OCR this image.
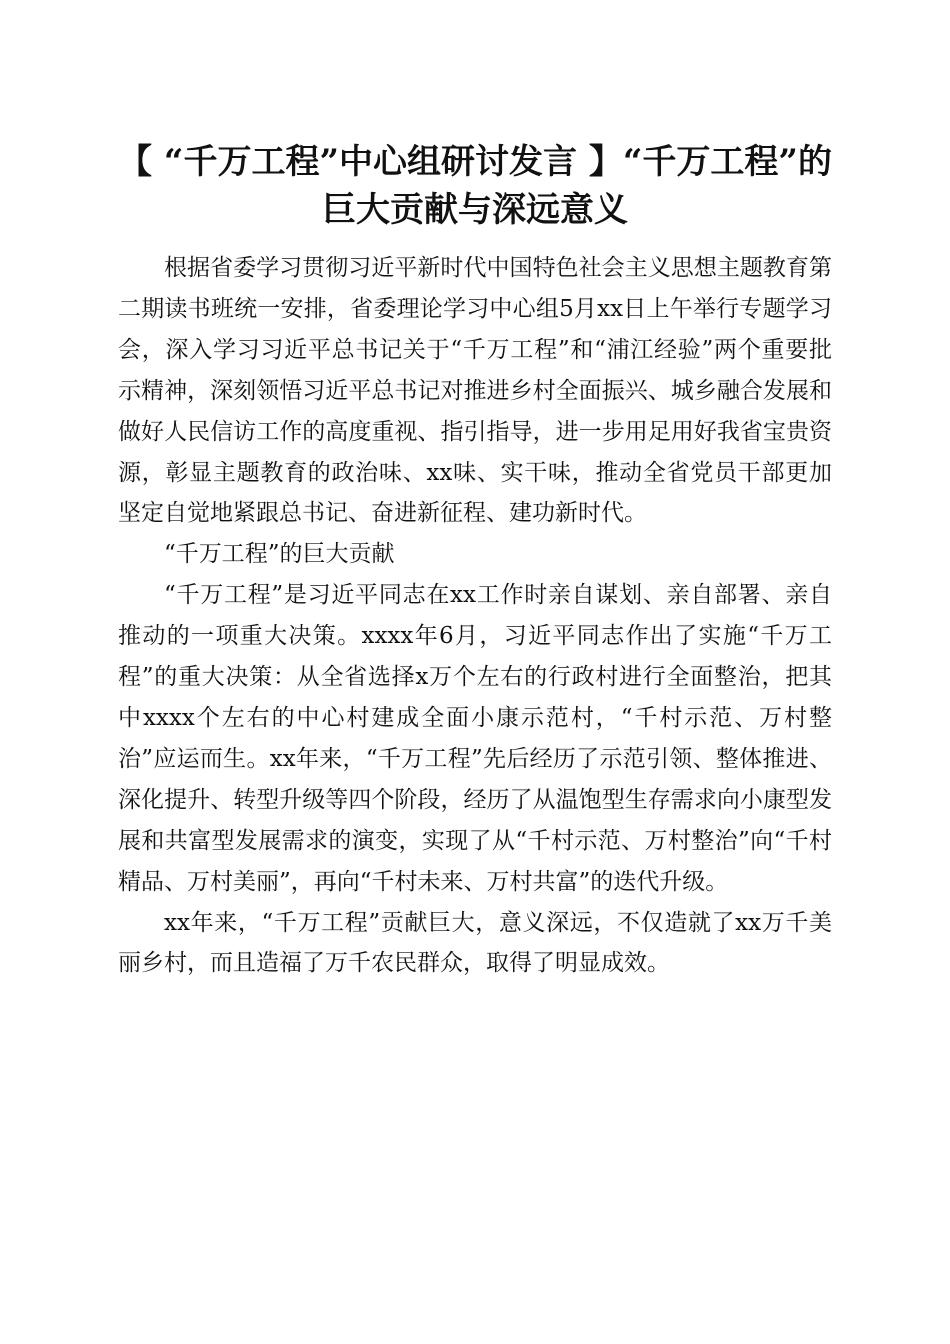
【 “千万工程”中心组研讨发言 】“千万工程”的巨大贡献与深远意义

根据省委学习贯彻习近平新时代中国特色社会主义思想主题教育第二期读书班统一安排，省委理论学习中心组5月xx日上午举行专题学习会，深入学习习近平总书记关于“千万工程”和“浦江经验”两个重要批示精神，深刻领悟习近平总书记对推进乡村全面振兴、城乡融合发展和做好人民信访工作的高度重视、指引指导，进一步用足用好我省宝贵资源，彰显主题教育的政治味、xx味、实干味，推动全省党员干部更加坚定自觉地紧跟总书记、奋进新征程、建功新时代。

“千万工程”的巨大贡献

“千万工程”是习近平同志在xx工作时亲自谋划、亲自部署、亲自推动的一项重大决策。xxxx年6月，习近平同志作出了实施“千万工程”的重大决策：从全省选择x万个左右的行政村进行全面整治，把其中xxxx个左右的中心村建成全面小康示范村，“千村示范、万村整治”应运而生。xx年来，“千万工程”先后经历了示范引领、整体推进、深化提升、转型升级等四个阶段，经历了从温饱型生存需求向小康型发展和共富型发展需求的演变，实现了从“千村示范、万村整治”向“千村精品、万村美丽”，再向“千村未来、万村共富”的迭代升级。

xx年来，“千万工程”贡献巨大，意义深远，不仅造就了xx万千美丽乡村，而且造福了万千农民群众，取得了明显成效。
